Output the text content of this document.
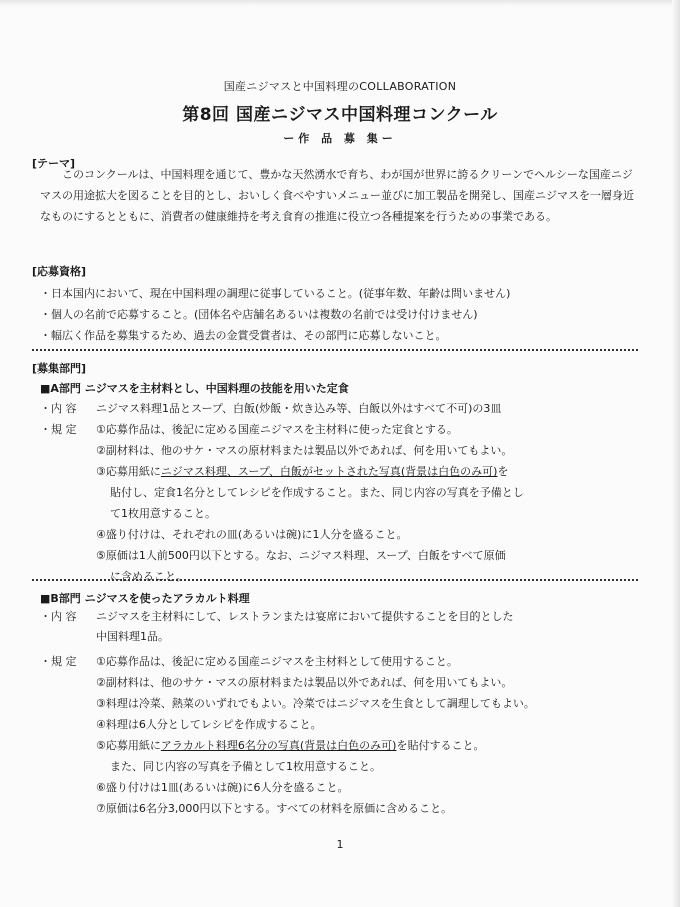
国産ニジマスと中国料理のCOLLABORATION
第8回 国産ニジマス中国料理コンクール
ー作 品 募 集ー
[テーマ]
このコンクールは、中国料理を通じて、豊かな天然湧水で育ち、わが国が世界に誇るクリーンでヘルシーな国産ニジマスの用途拡大を図ることを目的とし、おいしく食べやすいメニュー並びに加工製品を開発し、国産ニジマスを一層身近なものにするとともに、消費者の健康維持を考え食育の推進に役立つ各種提案を行うための事業である。
[応募資格]
・日本国内において、現在中国料理の調理に従事していること。(従事年数、年齢は問いません)
・個人の名前で応募すること。(団体名や店舗名あるいは複数の名前では受け付けません)
・幅広く作品を募集するため、過去の金賞受賞者は、その部門に応募しないこと。
[募集部門]
■A部門 ニジマスを主材料とし、中国料理の技能を用いた定食
・内 容 ニジマス料理1品とスープ、白飯(炒飯・炊き込み等、白飯以外はすべて不可)の3皿
・規 定	①応募作品は、後記に定める国産ニジマスを主材料に使った定食とする。
②副材料は、他のサケ・マスの原材料または製品以外であれば、何を用いてもよい。
③応募用紙にニジマス料理、スープ、白飯がセットされた写真(背景は白色のみ可)を
貼付し、定食1名分としてレシピを作成すること。また、同じ内容の写真を予備とし
て1枚用意すること。
④盛り付けは、それぞれの皿(あるいは碗)に1人分を盛ること。
⑤原価は1人前500円以下とする。なお、ニジマス料理、スープ、白飯をすべて原価
に含めること。
■B部門 ニジマスを使ったアラカルト料理
・内 容 ニジマスを主材料にして、レストランまたは宴席において提供することを目的とした
中国料理1品。
・規 定	①応募作品は、後記に定める国産ニジマスを主材料として使用すること。
②副材料は、他のサケ・マスの原材料または製品以外であれば、何を用いてもよい。
③料理は冷菜、熱菜のいずれでもよい。冷菜ではニジマスを生食として調理してもよい。
④料理は6人分としてレシピを作成すること。
⑤応募用紙にアラカルト料理6名分の写真(背景は白色のみ可)を貼付すること。
また、同じ内容の写真を予備として1枚用意すること。
⑥盛り付けは1皿(あるいは碗)に6人分を盛ること。
⑦原価は6名分3,000円以下とする。すべての材料を原価に含めること。
1
